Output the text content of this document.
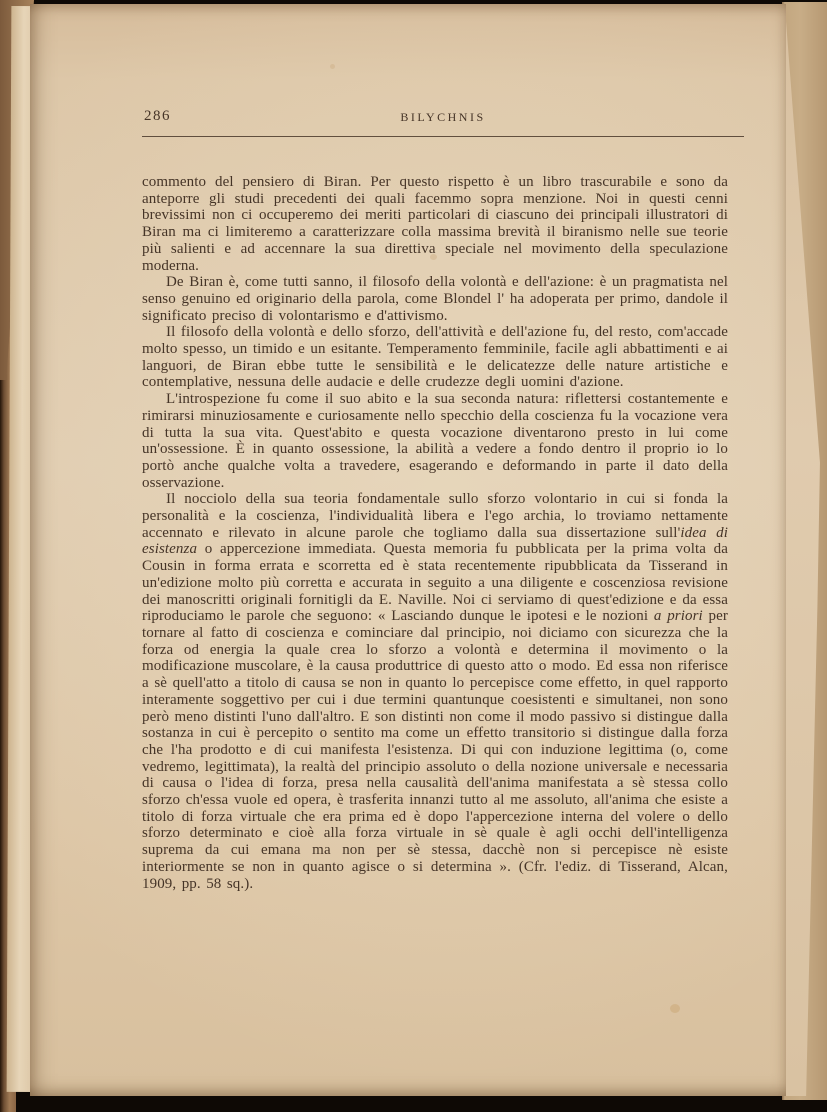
286	BILYCHNIS

commento del pensiero di Biran. Per questo rispetto è un libro trascurabile e sono da anteporre gli studi precedenti dei quali facemmo sopra menzione. Noi in questi cenni brevissimi non ci occuperemo dei meriti particolari di ciascuno dei principali illustratori di Biran ma ci limiteremo a caratterizzare colla massima brevità il biranismo nelle sue teorie più salienti e ad accennare la sua direttiva speciale nel movimento della speculazione moderna.

De Biran è, come tutti sanno, il filosofo della volontà e dell'azione: è un pragmatista nel senso genuino ed originario della parola, come Blondel l' ha adoperata per primo, dandole il significato preciso di volontarismo e d'attivismo.

Il filosofo della volontà e dello sforzo, dell'attività e dell'azione fu, del resto, com'accade molto spesso, un timido e un esitante. Temperamento femminile, facile agli abbattimenti e ai languori, de Biran ebbe tutte le sensibilità e le delicatezze delle nature artistiche e contemplative, nessuna delle audacie e delle crudezze degli uomini d'azione.

L'introspezione fu come il suo abito e la sua seconda natura: riflettersi costantemente e rimirarsi minuziosamente e curiosamente nello specchio della coscienza fu la vocazione vera di tutta la sua vita. Quest'abito e questa vocazione diventarono presto in lui come un'ossessione. È in quanto ossessione, la abilità a vedere a fondo dentro il proprio io lo portò anche qualche volta a travedere, esagerando e deformando in parte il dato della osservazione.

Il nocciolo della sua teoria fondamentale sullo sforzo volontario in cui si fonda la personalità e la coscienza, l'individualità libera e l'ego archia, lo troviamo nettamente accennato e rilevato in alcune parole che togliamo dalla sua dissertazione sull'idea di esistenza o appercezione immediata. Questa memoria fu pubblicata per la prima volta da Cousin in forma errata e scorretta ed è stata recentemente ripubblicata da Tisserand in un'edizione molto più corretta e accurata in seguito a una diligente e coscenziosa revisione dei manoscritti originali fornitigli da E. Naville. Noi ci serviamo di quest'edizione e da essa riproduciamo le parole che seguono: « Lasciando dunque le ipotesi e le nozioni a priori per tornare al fatto di coscienza e cominciare dal principio, noi diciamo con sicurezza che la forza od energia la quale crea lo sforzo a volontà e determina il movimento o la modificazione muscolare, è la causa produttrice di questo atto o modo. Ed essa non riferisce a sè quell'atto a titolo di causa se non in quanto lo percepisce come effetto, in quel rapporto interamente soggettivo per cui i due termini quantunque coesistenti e simultanei, non sono però meno distinti l'uno dall'altro. E son distinti non come il modo passivo si distingue dalla sostanza in cui è percepito o sentito ma come un effetto transitorio si distingue dalla forza che l'ha prodotto e di cui manifesta l'esistenza. Di qui con induzione legittima (o, come vedremo, legittimata), la realtà del principio assoluto o della nozione universale e necessaria di causa o l'idea di forza, presa nella causalità dell'anima manifestata a sè stessa collo sforzo ch'essa vuole ed opera, è trasferita innanzi tutto al me assoluto, all'anima che esiste a titolo di forza virtuale che era prima ed è dopo l'appercezione interna del volere o dello sforzo determinato e cioè alla forza virtuale in sè quale è agli occhi dell'intelligenza suprema da cui emana ma non per sè stessa, dacchè non si percepisce nè esiste interiormente se non in quanto agisce o si determina ». (Cfr. l'ediz. di Tisserand, Alcan, 1909, pp. 58 sq.).
